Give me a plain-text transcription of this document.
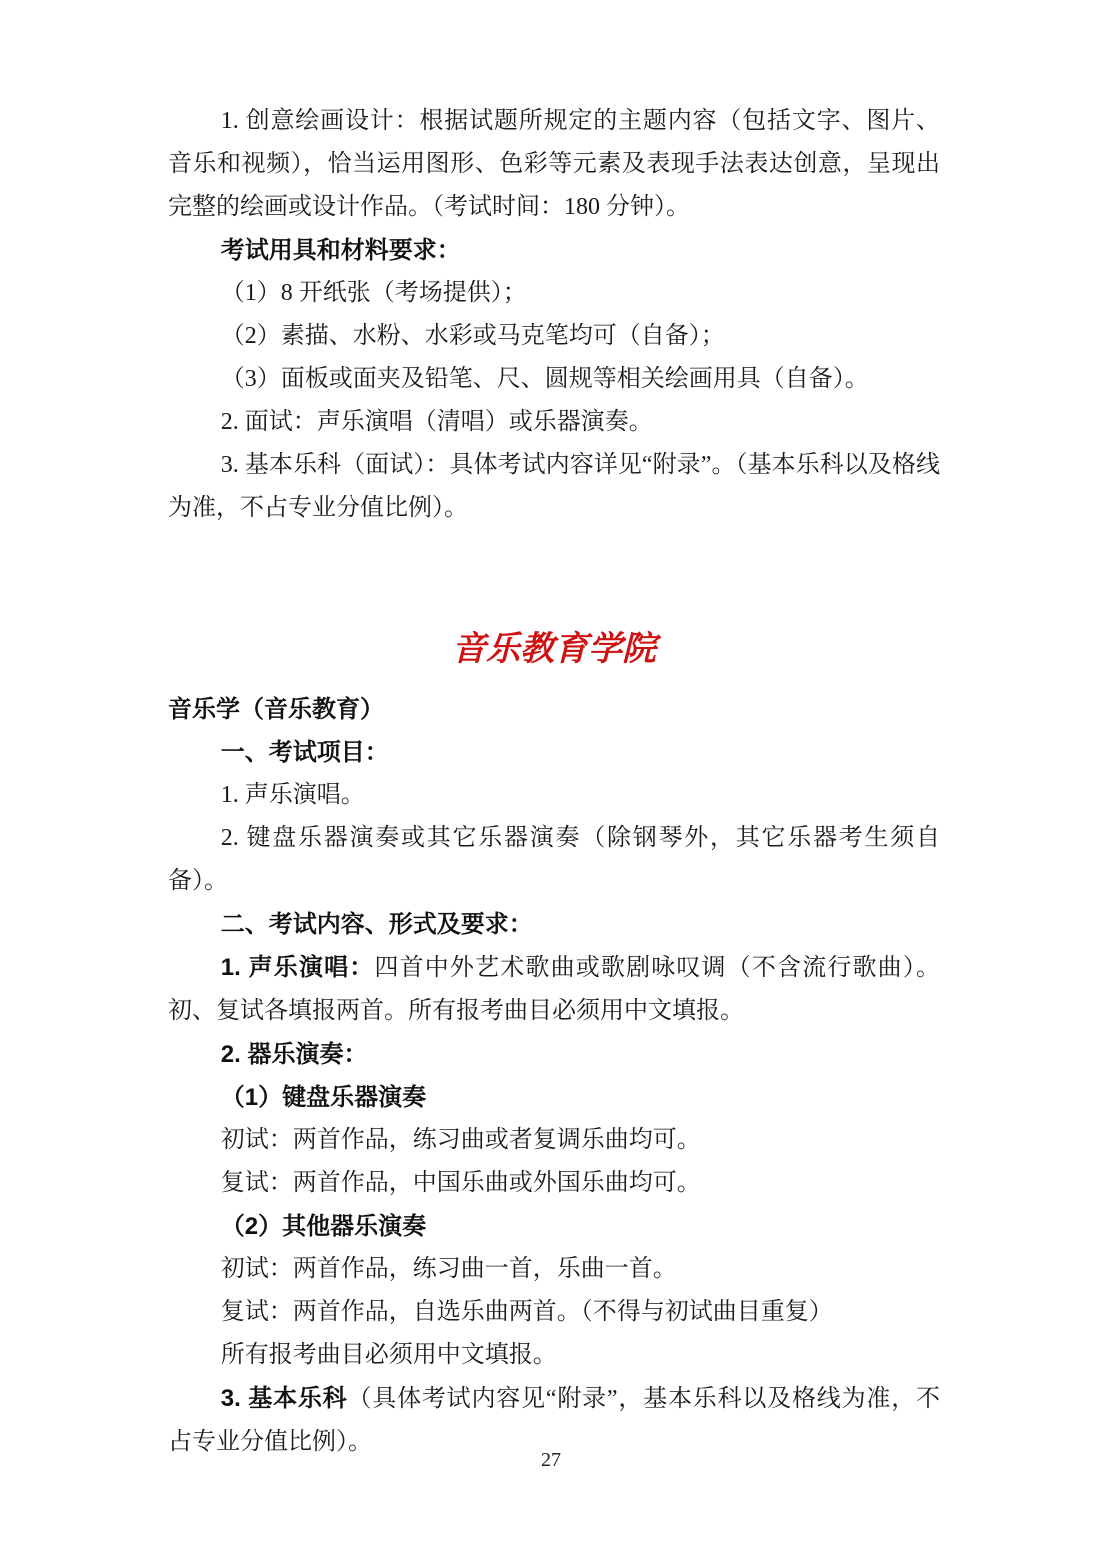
1. 创意绘画设计：根据试题所规定的主题内容（包括文字、图片、音乐和视频），恰当运用图形、色彩等元素及表现手法表达创意，呈现出完整的绘画或设计作品。（考试时间：180 分钟）。

考试用具和材料要求：

（1）8 开纸张（考场提供）；

（2）素描、水粉、水彩或马克笔均可（自备）；

（3）面板或面夹及铅笔、尺、圆规等相关绘画用具（自备）。

2. 面试：声乐演唱（清唱）或乐器演奏。

3. 基本乐科（面试）：具体考试内容详见“附录”。（基本乐科以及格线为准，不占专业分值比例）。

音乐教育学院

音乐学（音乐教育）

一、考试项目：

1. 声乐演唱。

2. 键盘乐器演奏或其它乐器演奏（除钢琴外，其它乐器考生须自备）。

二、考试内容、形式及要求：

1. 声乐演唱：四首中外艺术歌曲或歌剧咏叹调（不含流行歌曲）。初、复试各填报两首。所有报考曲目必须用中文填报。

2. 器乐演奏：

（1）键盘乐器演奏

初试：两首作品，练习曲或者复调乐曲均可。

复试：两首作品，中国乐曲或外国乐曲均可。

（2）其他器乐演奏

初试：两首作品，练习曲一首，乐曲一首。

复试：两首作品，自选乐曲两首。（不得与初试曲目重复）

所有报考曲目必须用中文填报。

3. 基本乐科（具体考试内容见“附录”，基本乐科以及格线为准，不占专业分值比例）。

27
